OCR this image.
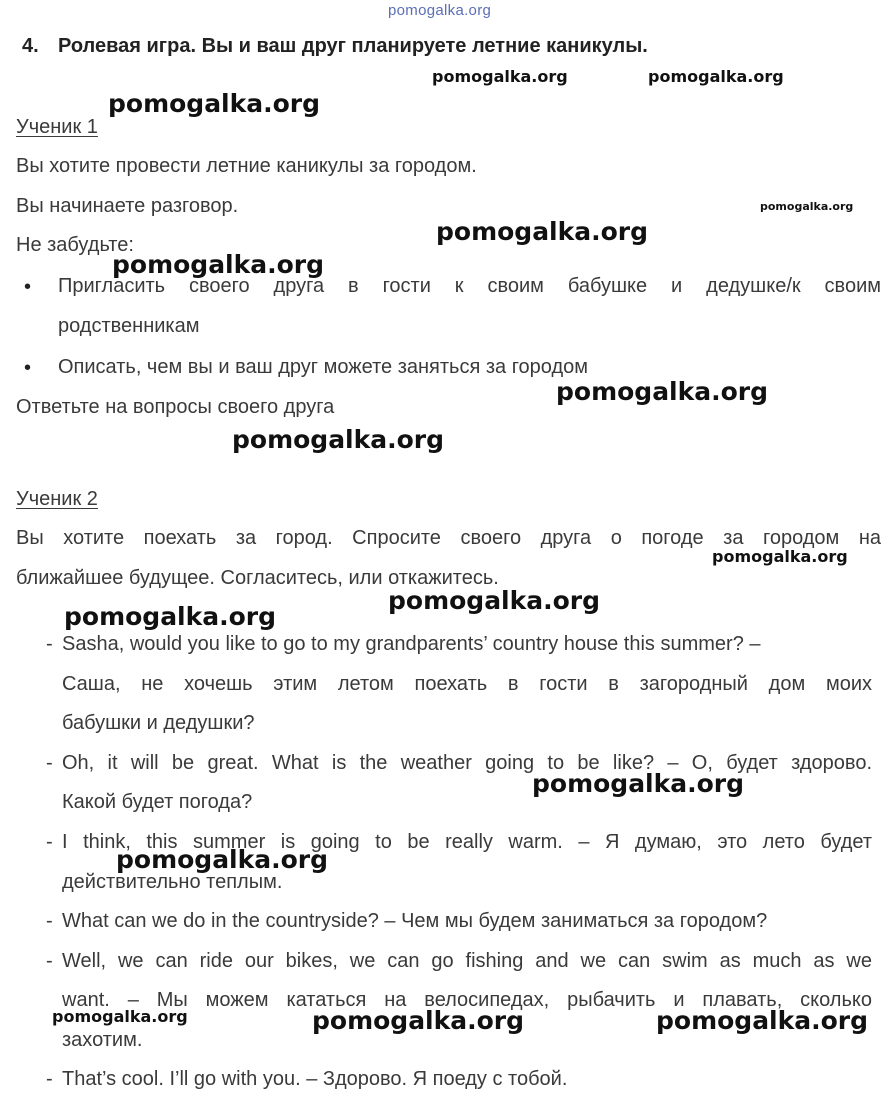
pomogalka.org
4. Ролевая игра. Вы и ваш друг планируете летние каникулы.
Ученик 1
Вы хотите провести летние каникулы за городом.
Вы начинаете разговор.
Не забудьте:
• Пригласить своего друга в гости к своим бабушке и дедушке/к своим
родственникам
• Описать, чем вы и ваш друг можете заняться за городом
Ответьте на вопросы своего друга
Ученик 2
Вы хотите поехать за город. Спросите своего друга о погоде за городом на
ближайшее будущее. Согласитесь, или откажитесь.
- Sasha, would you like to go to my grandparents’ country house this summer? –
Саша, не хочешь этим летом поехать в гости в загородный дом моих
бабушки и дедушки?
- Oh, it will be great. What is the weather going to be like? – О, будет здорово.
Какой будет погода?
- I think, this summer is going to be really warm. – Я думаю, это лето будет
действительно теплым.
- What can we do in the countryside? – Чем мы будем заниматься за городом?
- Well, we can ride our bikes, we can go fishing and we can swim as much as we
want. – Мы можем кататься на велосипедах, рыбачить и плавать, сколько
захотим.
- That’s cool. I’ll go with you. – Здорово. Я поеду с тобой.
pomogalka.org	pomogalka.org
pomogalka.org
pomogalka.org
pomogalka.org
pomogalka.org
pomogalka.org
pomogalka.org
pomogalka.org
pomogalka.org
pomogalka.org
pomogalka.org
pomogalka.org
pomogalka.org	pomogalka.org	pomogalka.org
